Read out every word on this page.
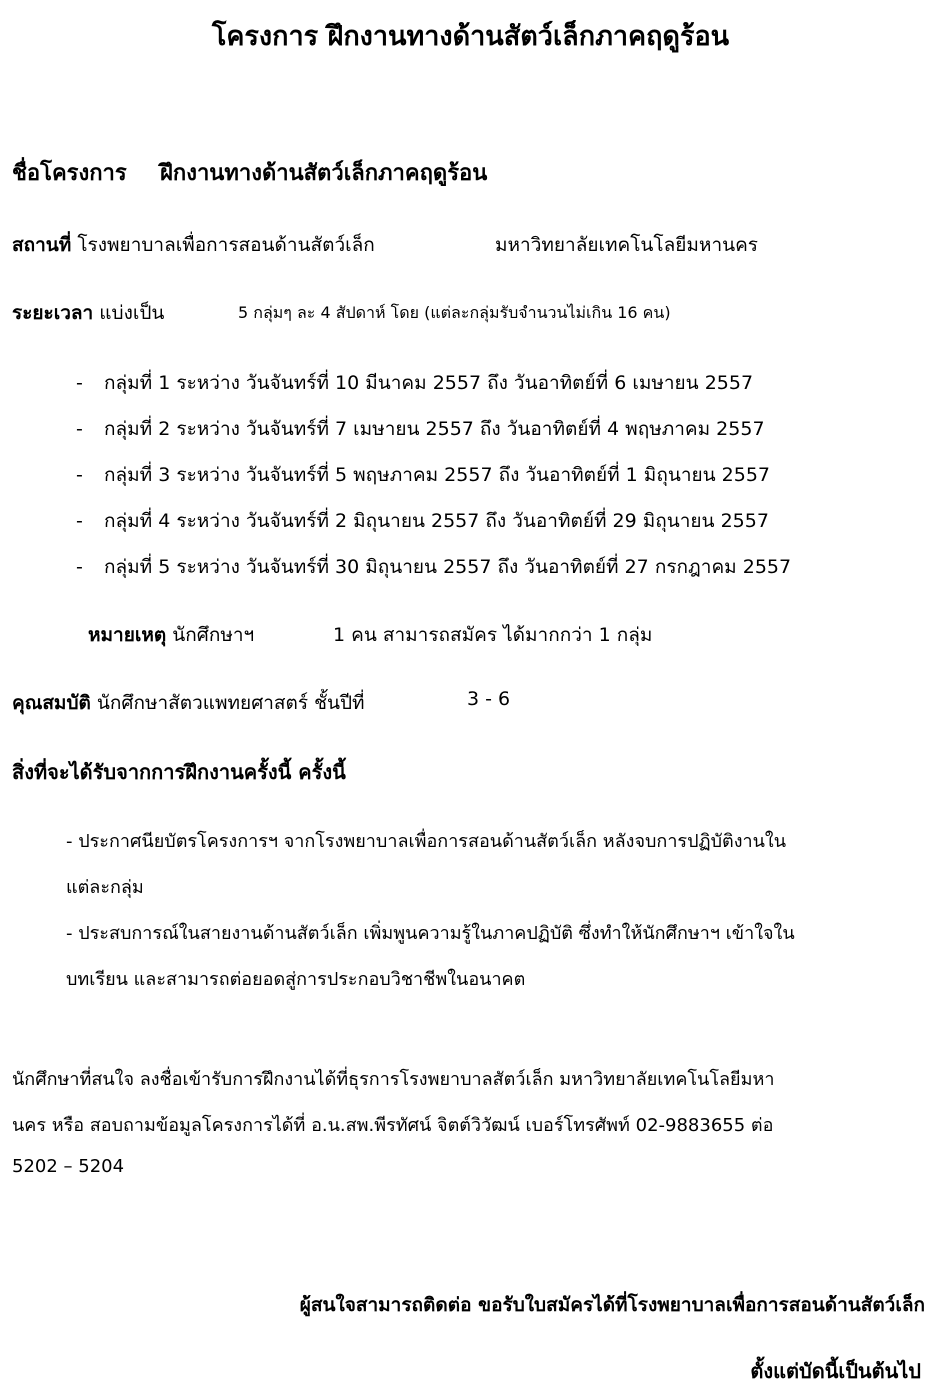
โครงการ ฝึกงานทางด้านสัตว์เล็กภาคฤดูร้อน
ชื่อโครงการ ฝึกงานทางด้านสัตว์เล็กภาคฤดูร้อน
สถานที่ โรงพยาบาลเพื่อการสอนด้านสัตว์เล็ก	มหาวิทยาลัยเทคโนโลยีมหานคร
ระยะเวลา แบ่งเป็น	5 กลุ่มๆ ละ 4 สัปดาห์ โดย (แต่ละกลุ่มรับจำนวนไม่เกิน 16 คน)
- กลุ่มที่ 1 ระหว่าง วันจันทร์ที่ 10 มีนาคม 2557 ถึง วันอาทิตย์ที่ 6 เมษายน 2557
- กลุ่มที่ 2 ระหว่าง วันจันทร์ที่ 7 เมษายน 2557 ถึง วันอาทิตย์ที่ 4 พฤษภาคม 2557
- กลุ่มที่ 3 ระหว่าง วันจันทร์ที่ 5 พฤษภาคม 2557 ถึง วันอาทิตย์ที่ 1 มิถุนายน 2557
- กลุ่มที่ 4 ระหว่าง วันจันทร์ที่ 2 มิถุนายน 2557 ถึง วันอาทิตย์ที่ 29 มิถุนายน 2557
- กลุ่มที่ 5 ระหว่าง วันจันทร์ที่ 30 มิถุนายน 2557 ถึง วันอาทิตย์ที่ 27 กรกฎาคม 2557
หมายเหตุ นักศึกษาฯ	1 คน สามารถสมัคร ได้มากกว่า 1 กลุ่ม
คุณสมบัติ นักศึกษาสัตวแพทยศาสตร์ ชั้นปีที่	3 - 6
สิ่งที่จะได้รับจากการฝึกงานครั้งนี้ ครั้งนี้
- ประกาศนียบัตรโครงการฯ จากโรงพยาบาลเพื่อการสอนด้านสัตว์เล็ก หลังจบการปฏิบัติงานใน
แต่ละกลุ่ม
- ประสบการณ์ในสายงานด้านสัตว์เล็ก เพิ่มพูนความรู้ในภาคปฏิบัติ ซึ่งทำให้นักศึกษาฯ เข้าใจใน
บทเรียน และสามารถต่อยอดสู่การประกอบวิชาชีพในอนาคต
นักศึกษาที่สนใจ ลงชื่อเข้ารับการฝึกงานได้ที่ธุรการโรงพยาบาลสัตว์เล็ก มหาวิทยาลัยเทคโนโลยีมหา
นคร หรือ สอบถามข้อมูลโครงการได้ที่ อ.น.สพ.พีรทัศน์ จิตต์วิวัฒน์ เบอร์โทรศัพท์ 02-9883655 ต่อ
5202 – 5204
ผู้สนใจสามารถติดต่อ ขอรับใบสมัครได้ที่โรงพยาบาลเพื่อการสอนด้านสัตว์เล็ก
ตั้งแต่บัดนี้เป็นต้นไป
